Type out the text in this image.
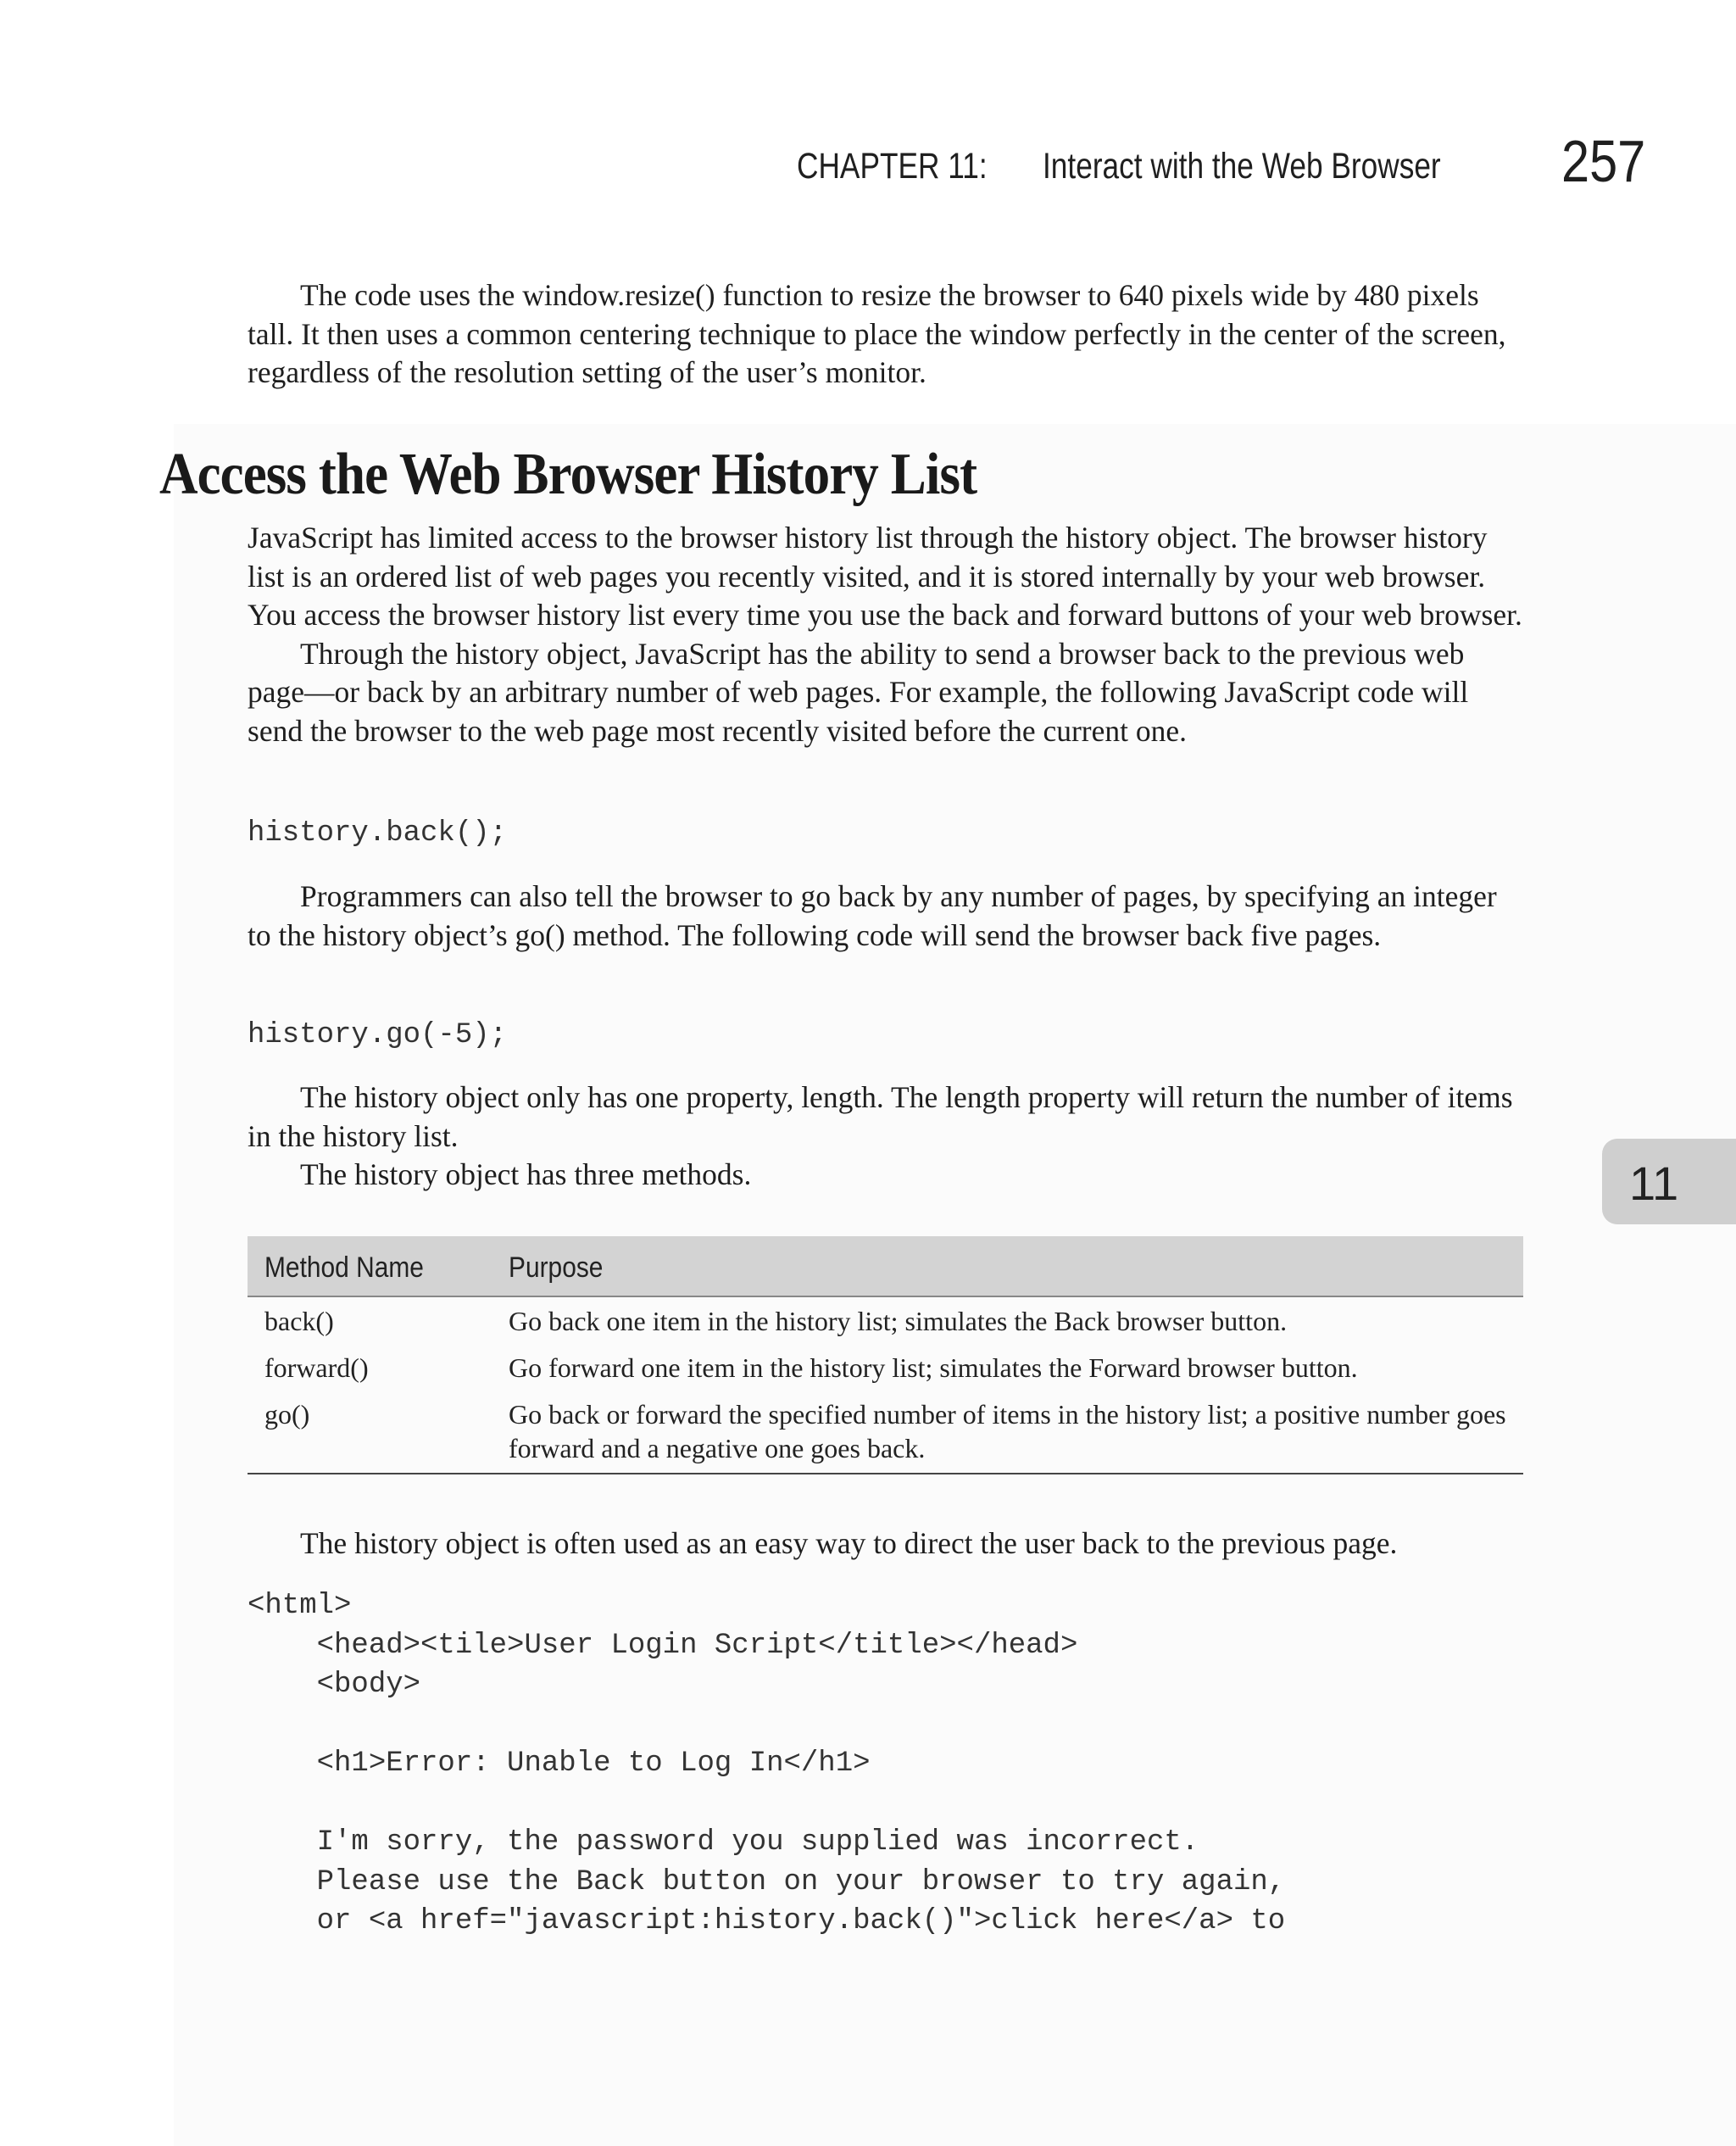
CHAPTER 11: Interact with the Web Browser 257

The code uses the window.resize() function to resize the browser to 640 pixels wide by 480 pixels tall. It then uses a common centering technique to place the window perfectly in the center of the screen, regardless of the resolution setting of the user’s monitor.

Access the Web Browser History List

JavaScript has limited access to the browser history list through the history object. The browser history list is an ordered list of web pages you recently visited, and it is stored internally by your web browser. You access the browser history list every time you use the back and forward buttons of your web browser.

Through the history object, JavaScript has the ability to send a browser back to the previous web page—or back by an arbitrary number of web pages. For example, the following JavaScript code will send the browser to the web page most recently visited before the current one.

history.back();

Programmers can also tell the browser to go back by any number of pages, by specifying an integer to the history object’s go() method. The following code will send the browser back five pages.

history.go(-5);

The history object only has one property, length. The length property will return the number of items in the history list.

The history object has three methods.	11
Method Name	Purpose
back()	Go back one item in the history list; simulates the Back browser button.
forward()	Go forward one item in the history list; simulates the Forward browser button.
go()	Go back or forward the specified number of items in the history list; a positive number goes forward and a negative one goes back.

The history object is often used as an easy way to direct the user back to the previous page.

<html>
<head><tile>User Login Script</title></head>
<body>

<h1>Error: Unable to Log In</h1>

I'm sorry, the password you supplied was incorrect.
Please use the Back button on your browser to try again,
or <a href="javascript:history.back()">click here</a> to
